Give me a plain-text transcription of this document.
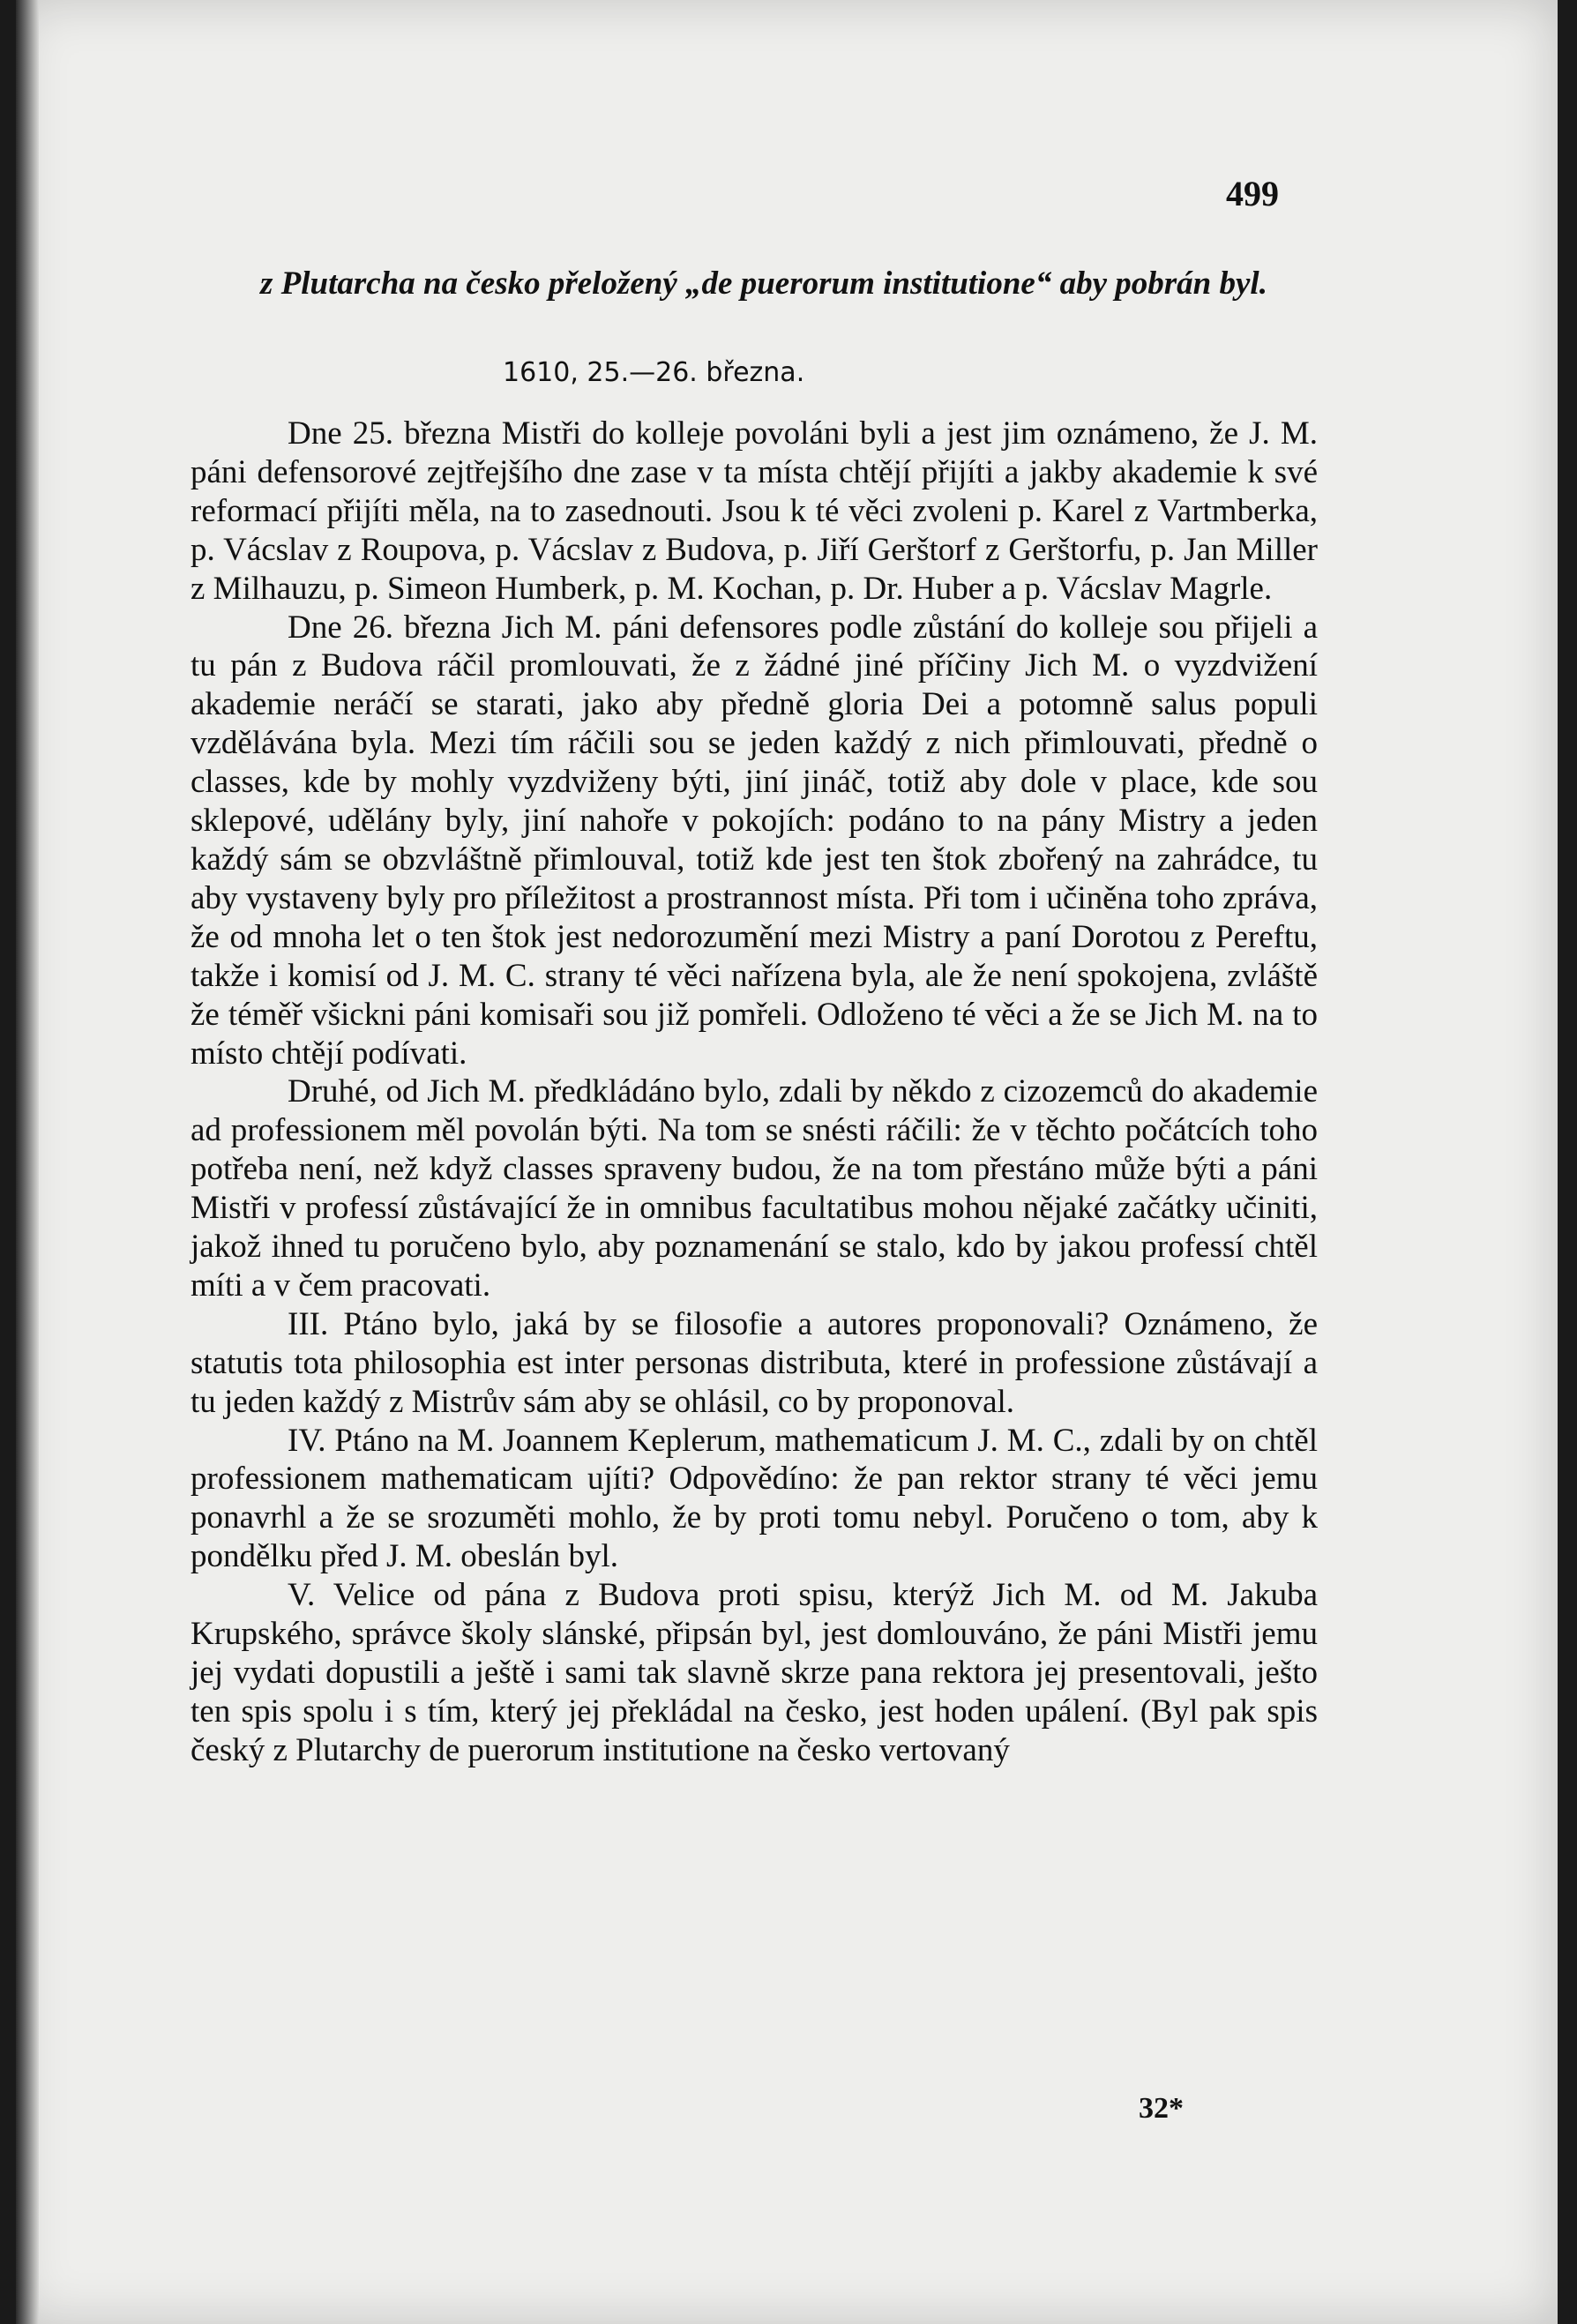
499
z Plutarcha na česko přeložený „de puerorum institutione“ aby pobrán byl.
1610, 25.—26. března.

Dne 25. března Mistři do kolleje povoláni byli a jest jim oznámeno, že J. M. páni defensorové zejtřejšího dne zase v ta místa chtějí přijíti a jakby akademie k své reformací přijíti měla, na to zasednouti. Jsou k té věci zvoleni p. Karel z Vartmberka, p. Vácslav z Roupova, p. Vácslav z Budova, p. Jiří Gerštorf z Gerštorfu, p. Jan Miller z Milhauzu, p. Simeon Humberk, p. M. Kochan, p. Dr. Huber a p. Vácslav Magrle.

Dne 26. března Jich M. páni defensores podle zůstání do kolleje sou přijeli a tu pán z Budova ráčil promlouvati, že z žádné jiné příčiny Jich M. o vyzdvižení akademie neráčí se starati, jako aby předně gloria Dei a potomně salus populi vzdělávána byla. Mezi tím ráčili sou se jeden každý z nich přimlouvati, předně o classes, kde by mohly vyzdviženy býti, jiní jináč, totiž aby dole v place, kde sou sklepové, udělány byly, jiní nahoře v pokojích: podáno to na pány Mistry a jeden každý sám se obzvláštně přimlouval, totiž kde jest ten štok zbořený na zahrádce, tu aby vystaveny byly pro příležitost a prostrannost místa. Při tom i učiněna toho zpráva, že od mnoha let o ten štok jest nedorozumění mezi Mistry a paní Dorotou z Pereftu, takže i komisí od J. M. C. strany té věci nařízena byla, ale že není spokojena, zvláště že téměř všickni páni komisaři sou již pomřeli. Odloženo té věci a že se Jich M. na to místo chtějí podívati.

Druhé, od Jich M. předkládáno bylo, zdali by někdo z cizozemců do akademie ad professionem měl povolán býti. Na tom se snésti ráčili: že v těchto počátcích toho potřeba není, než když classes spraveny budou, že na tom přestáno může býti a páni Mistři v professí zůstávající že in omnibus facultatibus mohou nějaké začátky učiniti, jakož ihned tu poručeno bylo, aby poznamenání se stalo, kdo by jakou professí chtěl míti a v čem pracovati.

III. Ptáno bylo, jaká by se filosofie a autores proponovali? Oznámeno, že statutis tota philosophia est inter personas distributa, které in professione zůstávají a tu jeden každý z Mistrův sám aby se ohlásil, co by proponoval.

IV. Ptáno na M. Joannem Keplerum, mathematicum J. M. C., zdali by on chtěl professionem mathematicam ujíti? Odpovědíno: že pan rektor strany té věci jemu ponavrhl a že se srozuměti mohlo, že by proti tomu nebyl. Poručeno o tom, aby k pondělku před J. M. obeslán byl.

V. Velice od pána z Budova proti spisu, kterýž Jich M. od M. Jakuba Krupského, správce školy slánské, připsán byl, jest domlouváno, že páni Mistři jemu jej vydati dopustili a ještě i sami tak slavně skrze pana rektora jej presentovali, ješto ten spis spolu i s tím, který jej překládal na česko, jest hoden upálení. (Byl pak spis český z Plutarchy de puerorum institutione na česko vertovaný

32*
